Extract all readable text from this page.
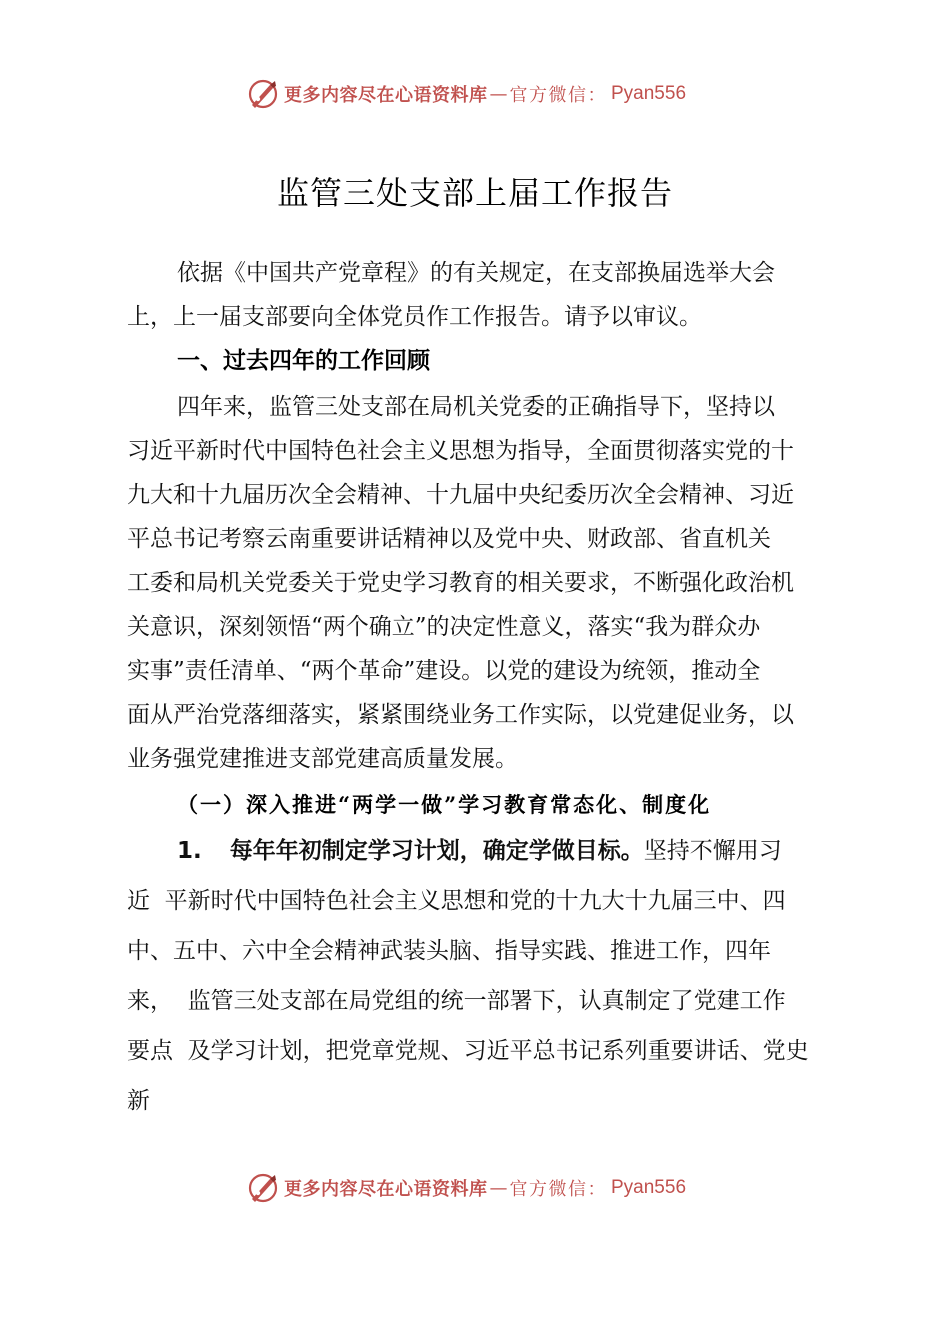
更多内容尽在心语资料库 — 官方微信： Pyan556
监管三处支部上届工作报告
依据《中国共产党章程》的有关规定，在支部换届选举大会
上，上一届支部要向全体党员作工作报告。请予以审议。
一、过去四年的工作回顾
四年来，监管三处支部在局机关党委的正确指导下，坚持以
习近平新时代中国特色社会主义思想为指导，全面贯彻落实党的十
九大和十九届历次全会精神、十九届中央纪委历次全会精神、习近
平总书记考察云南重要讲话精神以及党中央、财政部、省直机关
工委和局机关党委关于党史学习教育的相关要求，不断强化政治机
关意识，深刻领悟“两个确立”的决定性意义，落实“我为群众办
实事”责任清单、“两个革命”建设。以党的建设为统领，推动全
面从严治党落细落实，紧紧围绕业务工作实际，以党建促业务，以
业务强党建推进支部党建高质量发展。
（一）深入推进“两学一做”学习教育常态化、制度化
1. 每年年初制定学习计划，确定学做目标。坚持不懈用习
近  平新时代中国特色社会主义思想和党的十九大十九届三中、四
中、五中、六中全会精神武装头脑、指导实践、推进工作，四年
来，  监管三处支部在局党组的统一部署下，认真制定了党建工作
要点  及学习计划，把党章党规、习近平总书记系列重要讲话、党史
新
更多内容尽在心语资料库 — 官方微信： Pyan556
